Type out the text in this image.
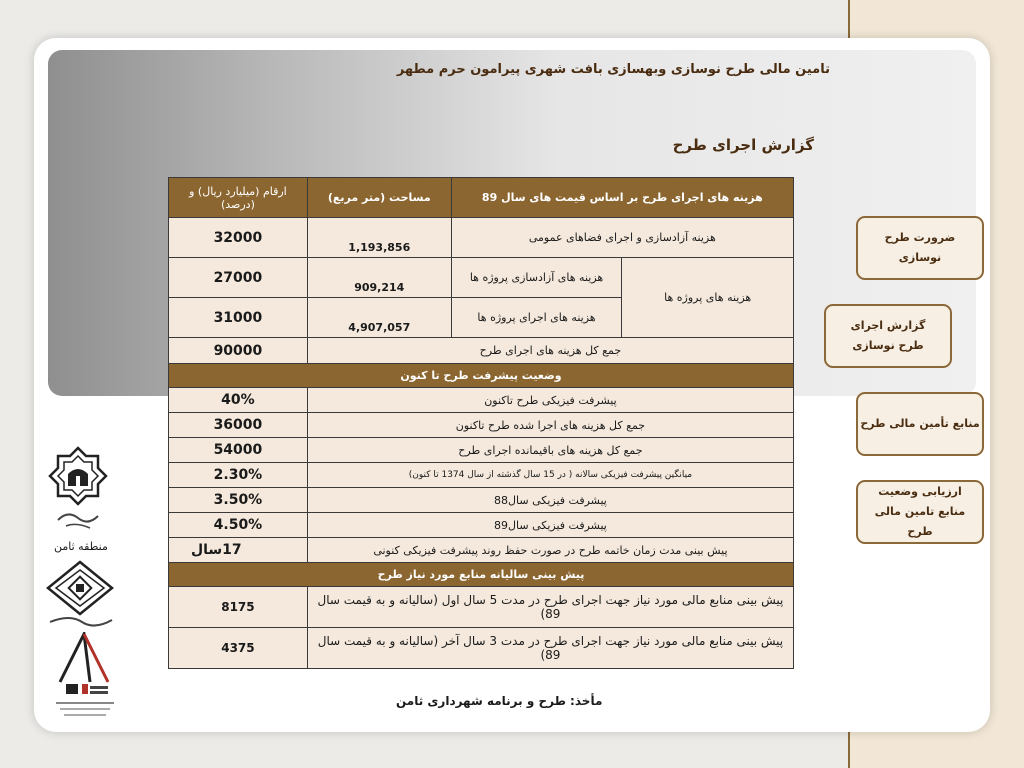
تامین مالی طرح نوسازی وبهسازی بافت شهری پیرامون حرم مطهر
گزارش اجرای طرح
هزینه های اجرای طرح بر اساس قیمت های سال 89		مساحت (متر مربع)	ارقام (میلیارد ریال) و (درصد)
هزینه آزادسازی و اجرای فضاهای عمومی		1,193,856	32000
هزینه های پروژه ها	هزینه های آزادسازی پروژه ها	909,214	27000
	هزینه های اجرای پروژه ها	4,907,057	31000
جمع کل هزینه های اجرای طرح			90000
وضعیت پیشرفت طرح تا کنون			
پیشرفت فیزیکی طرح تاکنون			40%
جمع کل هزینه های اجرا شده طرح تاکنون			36000
جمع کل هزینه های باقیمانده اجرای طرح			54000
میانگین پیشرفت فیزیکی سالانه ( در 15 سال گذشته از سال 1374 تا کنون)			2.30%
پیشرفت فیزیکی سال88			3.50%
پیشرفت فیزیکی سال89			4.50%
پیش بینی مدت زمان خاتمه طرح در صورت حفظ روند پیشرفت فیزیکی کنونی			17سال
پیش بینی سالیانه منابع مورد نیاز طرح			
پیش بینی منابع مالی مورد نیاز جهت اجرای طرح در مدت 5 سال اول (سالیانه و به قیمت سال 89)			8175
پیش بینی منابع مالی مورد نیاز جهت اجرای طرح در مدت 3 سال آخر (سالیانه و به قیمت سال 89)			4375
مأخذ: طرح و برنامه شهرداری ثامن
ضرورت طرح نوسازی
گزارش اجرای طرح نوسازی
منابع تأمین مالی طرح
ارزیابی وضعیت منابع تامین مالی طرح
منطقه ثامن
